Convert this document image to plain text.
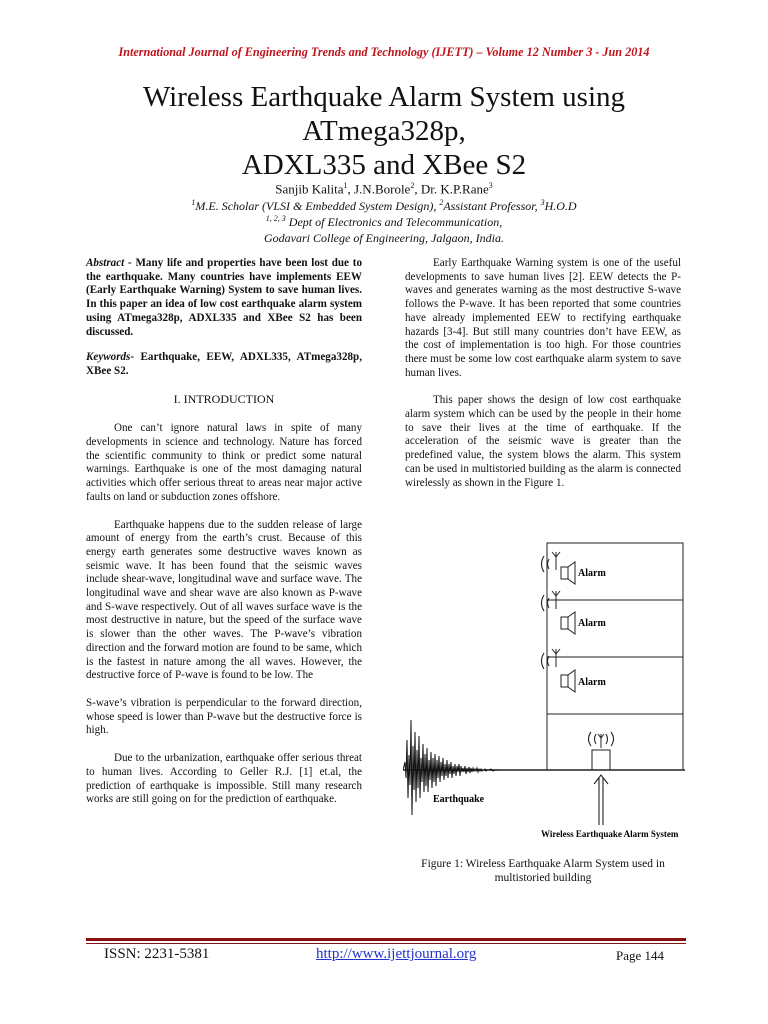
International Journal of Engineering Trends and Technology (IJETT) – Volume 12 Number 3 - Jun 2014
Wireless Earthquake Alarm System using
ATmega328p,
ADXL335 and XBee S2
Sanjib Kalita$^1$, J.N.Borole$^2$, Dr. K.P.Rane$^3$
$^1$M.E. Scholar (VLSI & Embedded System Design), $^2$Assistant Professor, $^3$H.O.D
$^{1, 2, 3}$ Dept of Electronics and Telecommunication,
Godavari College of Engineering, Jalgaon, India.

Abstract - Many life and properties have been lost due to the earthquake. Many countries have implements EEW (Early Earthquake Warning) System to save human lives. In this paper an idea of low cost earthquake alarm system using ATmega328p, ADXL335 and XBee S2 has been discussed.

Keywords- Earthquake, EEW, ADXL335, ATmega328p, XBee S2.

I. INTRODUCTION

One can’t ignore natural laws in spite of many developments in science and technology. Nature has forced the scientific community to think or predict some natural warnings. Earthquake is one of the most damaging natural activities which offer serious threat to areas near major active faults on land or subduction zones offshore.

Earthquake happens due to the sudden release of large amount of energy from the earth’s crust. Because of this energy earth generates some destructive waves known as seismic wave. It has been found that the seismic waves include shear-wave, longitudinal wave and surface wave. The longitudinal wave and shear wave are also known as P-wave and S-wave respectively. Out of all waves surface wave is the most destructive in nature, but the speed of the surface wave is slower than the other waves. The P-wave’s vibration direction and the forward motion are found to be same, which is the fastest in nature among the all waves. However, the destructive force of P-wave is found to be low. The

S-wave’s vibration is perpendicular to the forward direction, whose speed is lower than P-wave but the destructive force is high.

Due to the urbanization, earthquake offer serious threat to human lives. According to Geller R.J. [1] et.al, the prediction of earthquake is impossible. Still many research works are still going on for the prediction of earthquake.

Early Earthquake Warning system is one of the useful developments to save human lives [2]. EEW detects the P-waves and generates warning as the most destructive S-wave follows the P-wave. It has been reported that some countries have already implemented EEW to rectifying earthquake hazards [3-4]. But still many countries don’t have EEW, as the cost of implementation is too high. For those countries there must be some low cost earthquake alarm system to save human lives.

This paper shows the design of low cost earthquake alarm system which can be used by the people in their home to save their lives at the time of earthquake. If the acceleration of the seismic wave is greater than the predefined value, the system blows the alarm. This system can be used in multistoried building as the alarm is connected wirelessly as shown in the Figure 1.

Alarm
Alarm
Alarm
Earthquake
Wireless Earthquake Alarm System
Figure 1: Wireless Earthquake Alarm System used in multistoried building
ISSN: 2231-5381	http://www.ijettjournal.org	Page 144
